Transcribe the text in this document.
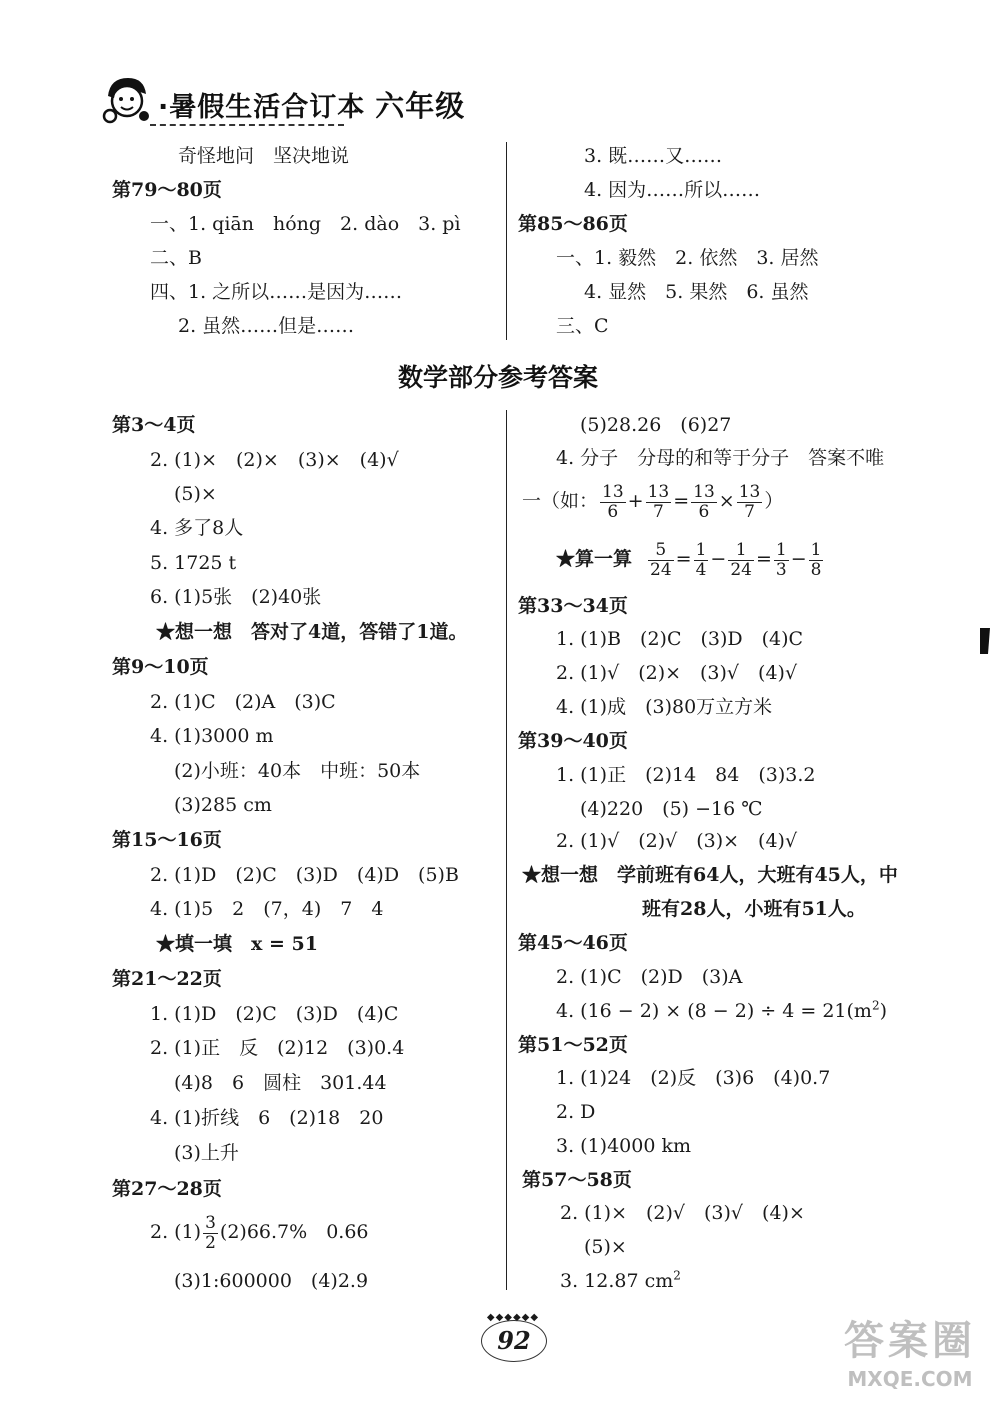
·暑假生活合订本 六年级
奇怪地问　坚决地说
第79～80页
一、1. qiān　hóng　2. dào　3. pì
二、B
四、1. 之所以……是因为……
2. 虽然……但是……
3. 既……又……
4. 因为……所以……
第85～86页
一、1. 毅然　2. 依然　3. 居然
4. 显然　5. 果然　6. 虽然
三、C
数学部分参考答案
第3～4页
2. (1)×　(2)×　(3)×　(4)√
(5)×
4. 多了8人
5. 1725 t
6. (1)5张　(2)40张
★想一想　答对了4道，答错了1道。
第9～10页
2. (1)C　(2)A　(3)C
4. (1)3000 m
(2)小班：40本　中班：50本
(3)285 cm
第15～16页
2. (1)D　(2)C　(3)D　(4)D　(5)B
4. (1)5　2　(7，4)　7　4
★填一填　x = 51
第21～22页
1. (1)D　(2)C　(3)D　(4)C
2. (1)正　反　(2)12　(3)0.4
(4)8　6　圆柱　301.44
4. (1)折线　6　(2)18　20
(3)上升
第27～28页
2. $(1) \frac{3}{2} (2)66.7\%$　0.66
(3)1:600000　(4)2.9
(5)28.26　(6)27
4. 分子　分母的和等于分子　答案不唯
一（如： $\frac{13}{6} + \frac{13}{7} = \frac{13}{6} \times \frac{13}{7}$ ）
★算一算 $\frac{5}{24} = \frac{1}{4} - \frac{1}{24} = \frac{1}{3} - \frac{1}{8}$
第33～34页
1. (1)B　(2)C　(3)D　(4)C
2. (1)√　(2)×　(3)√　(4)√
4. (1)成　(3)80万立方米
第39～40页
1. (1)正　(2)14　84　(3)3.2
(4)220　(5) −16 ℃
2. (1)√　(2)√　(3)×　(4)√
★想一想　学前班有64人，大班有45人，中
班有28人，小班有51人。
第45～46页
2. (1)C　(2)D　(3)A
4. $(16 - 2) \times (8 - 2) \div 4 = 21(m^2)$
第51～52页
1. (1)24　(2)反　(3)6　(4)0.7
2. D
3. (1)4000 km
第57～58页
2. (1)×　(2)√　(3)√　(4)×
(5)×
3. 12.87 $cm^2$
◆◆◆◆◆◆
92	答案圈
MXQE.COM
